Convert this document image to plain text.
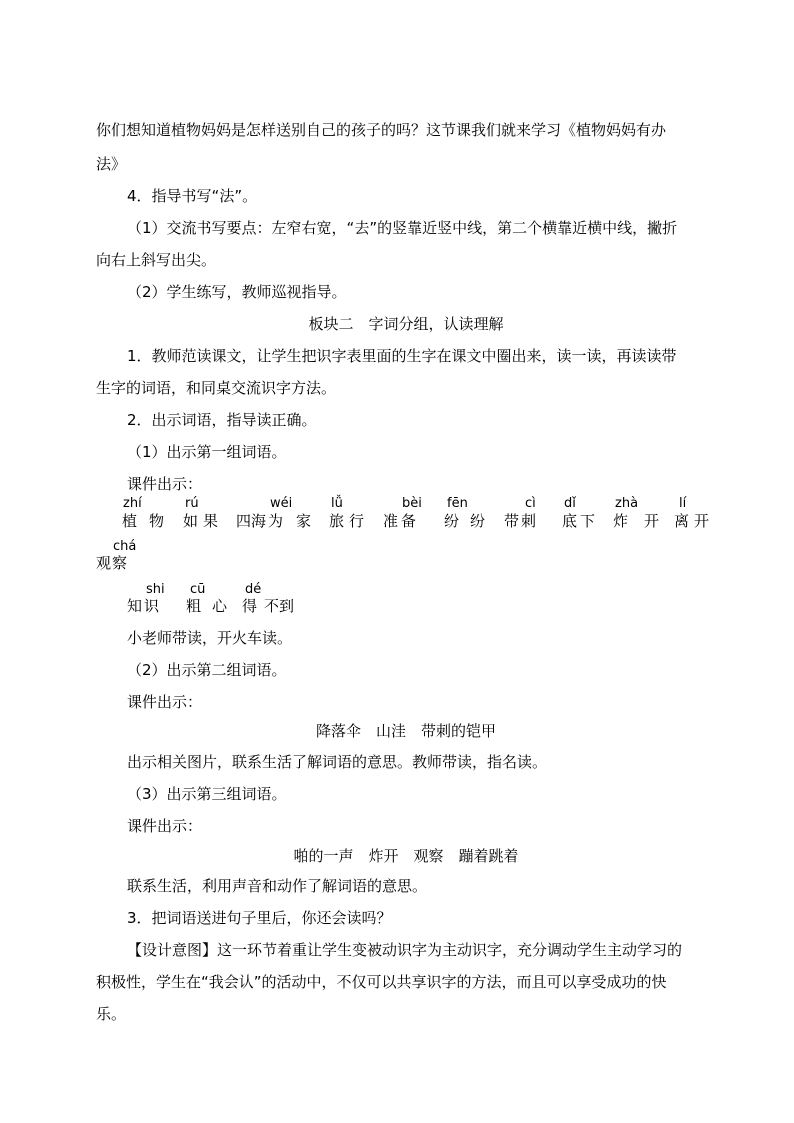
你们想知道植物妈妈是怎样送别自己的孩子的吗？这节课我们就来学习《植物妈妈有办
法》
4．指导书写“法”。
（1）交流书写要点：左窄右宽，“去”的竖靠近竖中线，第二个横靠近横中线，撇折
向右上斜写出尖。
（2）学生练写，教师巡视指导。
板块二　字词分组，认读理解
1．教师范读课文，让学生把识字表里面的生字在课文中圈出来，读一读，再读读带
生字的词语，和同桌交流识字方法。
2．出示词语，指导读正确。
（1）出示第一组词语。
课件出示：
zhí
植 物
rú
如 果 四海
wéi
为 家
lǚ
旅 行 准
bèi
备
fēn
纷 纷 带
cì
刺
dǐ
底 下
zhà
炸 开
lí
离 开
观
chá
察
知
shi
识
cū
粗 心
dé
得 不到
小老师带读，开火车读。
（2）出示第二组词语。
课件出示：
降落伞　山洼　带刺的铠甲
出示相关图片，联系生活了解词语的意思。教师带读，指名读。
（3）出示第三组词语。
课件出示：
啪的一声　炸开　观察　蹦着跳着
联系生活，利用声音和动作了解词语的意思。
3．把词语送进句子里后，你还会读吗？
【设计意图】这一环节着重让学生变被动识字为主动识字，充分调动学生主动学习的
积极性，学生在“我会认”的活动中，不仅可以共享识字的方法，而且可以享受成功的快
乐。
